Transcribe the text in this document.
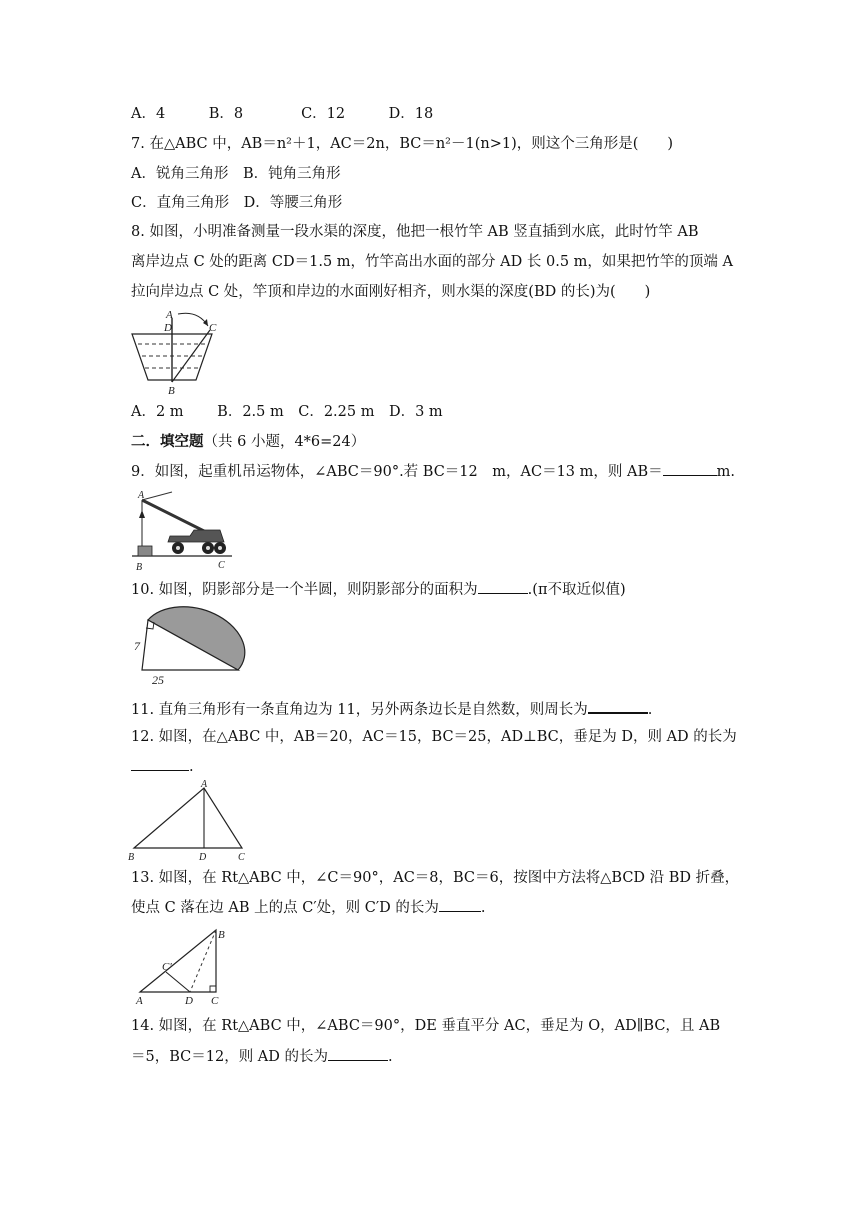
A．4　　　B．8　　　　C．12　　　D．18
7. 在△ABC 中，AB＝n²＋1，AC＝2n，BC＝n²－1(n>1)，则这个三角形是(　　)
A．锐角三角形　B．钝角三角形
C．直角三角形　D．等腰三角形
8. 如图，小明准备测量一段水渠的深度，他把一根竹竿 AB 竖直插到水底，此时竹竿 AB
离岸边点 C 处的距离 CD＝1.5 m，竹竿高出水面的部分 AD 长 0.5 m，如果把竹竿的顶端 A
拉向岸边点 C 处，竿顶和岸边的水面刚好相齐，则水渠的深度(BD 的长)为(　　)
A
D	C
B
A．2 m　　 B．2.5 m　C．2.25 m　D．3 m
二．填空题（共 6 小题，4*6=24）
9．如图，起重机吊运物体，∠ABC＝90°.若 BC＝12　m，AC＝13 m，则 AB＝	m.
A
B	C
10. 如图，阴影部分是一个半圆，则阴影部分的面积为	.(π不取近似值)
7
25
11. 直角三角形有一条直角边为 11，另外两条边长是自然数，则周长为	.
12. 如图，在△ABC 中，AB＝20，AC＝15，BC＝25，AD⊥BC，垂足为 D，则 AD 的长为
.
A
B	D	C
13. 如图，在 Rt△ABC 中，∠C＝90°，AC＝8，BC＝6，按图中方法将△BCD 沿 BD 折叠，
使点 C 落在边 AB 上的点 C′处，则 C′D 的长为	.
B
C′
A	D C
14. 如图，在 Rt△ABC 中，∠ABC＝90°，DE 垂直平分 AC，垂足为 O，AD∥BC，且 AB
＝5，BC＝12，则 AD 的长为	.
